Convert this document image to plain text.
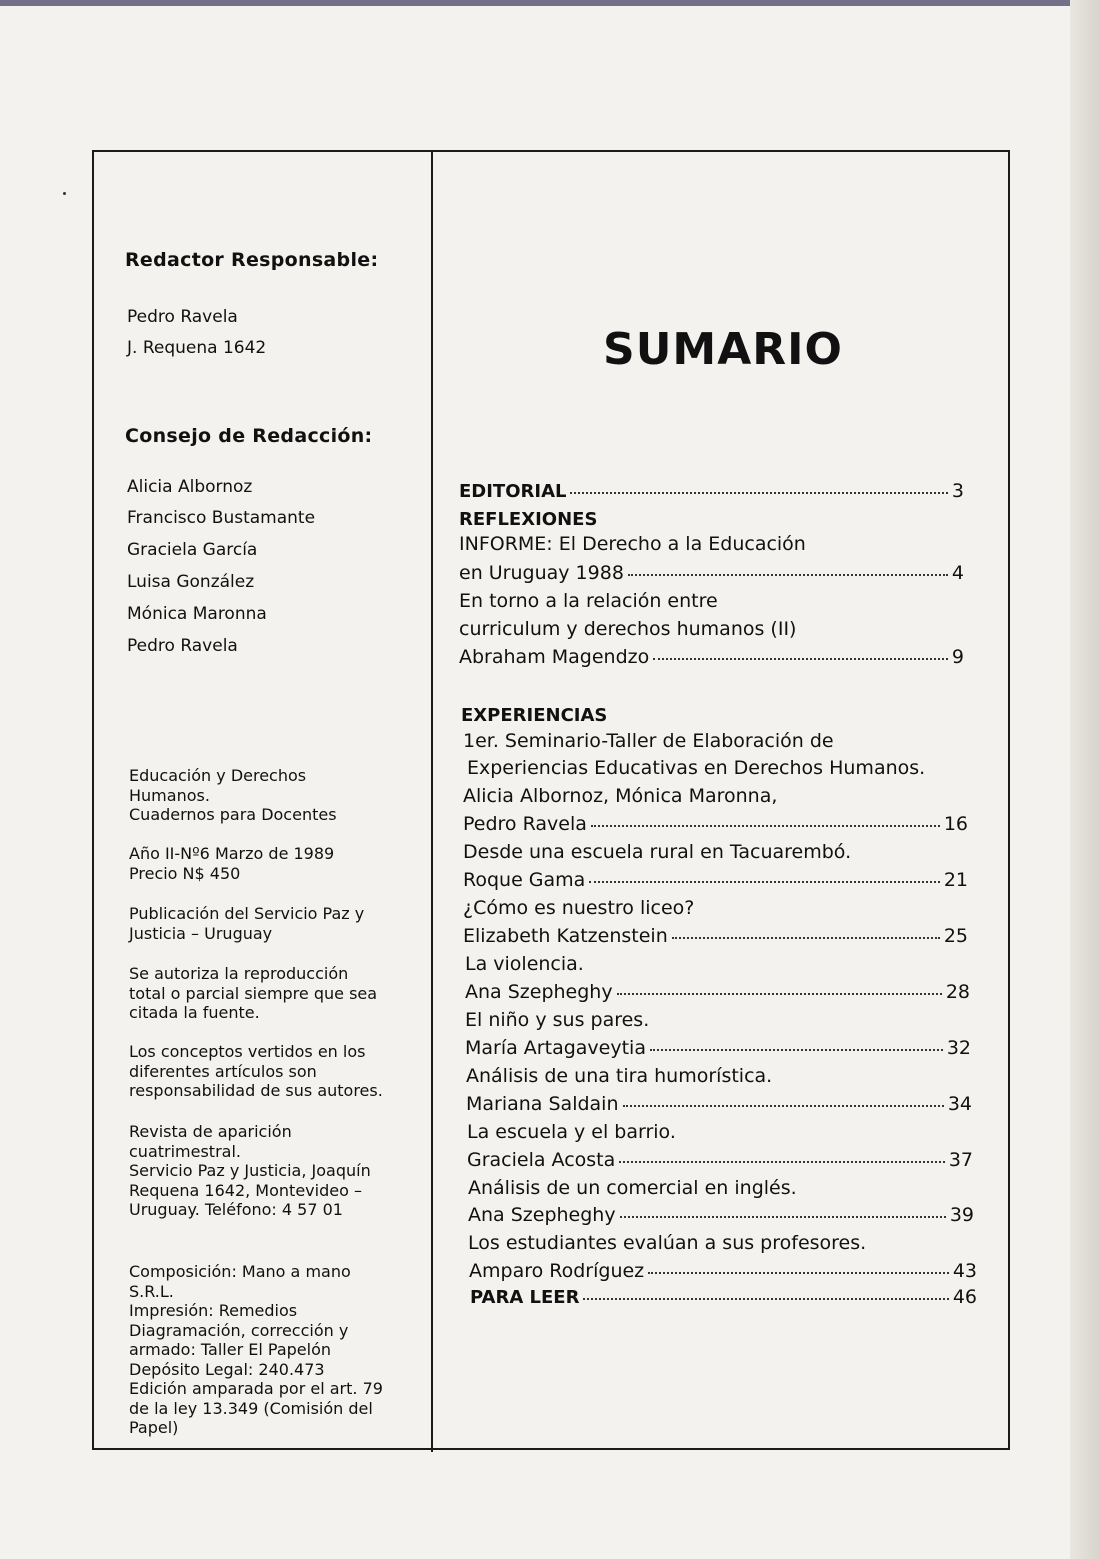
Redactor Responsable:
Pedro Ravela
J. Requena 1642
Consejo de Redacción:
Alicia Albornoz
Francisco Bustamante
Graciela García
Luisa González
Mónica Maronna
Pedro Ravela
Educación y Derechos
Humanos.
Cuadernos para Docentes
Año II-Nº6 Marzo de 1989
Precio N$ 450
Publicación del Servicio Paz y
Justicia – Uruguay
Se autoriza la reproducción
total o parcial siempre que sea
citada la fuente.
Los conceptos vertidos en los
diferentes artículos son
responsabilidad de sus autores.
Revista de aparición
cuatrimestral.
Servicio Paz y Justicia, Joaquín
Requena 1642, Montevideo –
Uruguay. Teléfono: 4 57 01
Composición: Mano a mano
S.R.L.
Impresión: Remedios
Diagramación, corrección y
armado: Taller El Papelón
Depósito Legal: 240.473
Edición amparada por el art. 79
de la ley 13.349 (Comisión del
Papel)
SUMARIO
EDITORIAL	3
REFLEXIONES
INFORME: El Derecho a la Educación
en Uruguay 1988	4
En torno a la relación entre
curriculum y derechos humanos (II)
Abraham Magendzo	9
EXPERIENCIAS
1er. Seminario-Taller de Elaboración de
Experiencias Educativas en Derechos Humanos.
Alicia Albornoz, Mónica Maronna,
Pedro Ravela	16
Desde una escuela rural en Tacuarembó.
Roque Gama	21
¿Cómo es nuestro liceo?
Elizabeth Katzenstein	25
La violencia.
Ana Szepheghy	28
El niño y sus pares.
María Artagaveytia	32
Análisis de una tira humorística.
Mariana Saldain	34
La escuela y el barrio.
Graciela Acosta	37
Análisis de un comercial en inglés.
Ana Szepheghy	39
Los estudiantes evalúan a sus profesores.
Amparo Rodríguez	43
PARA LEER	46
